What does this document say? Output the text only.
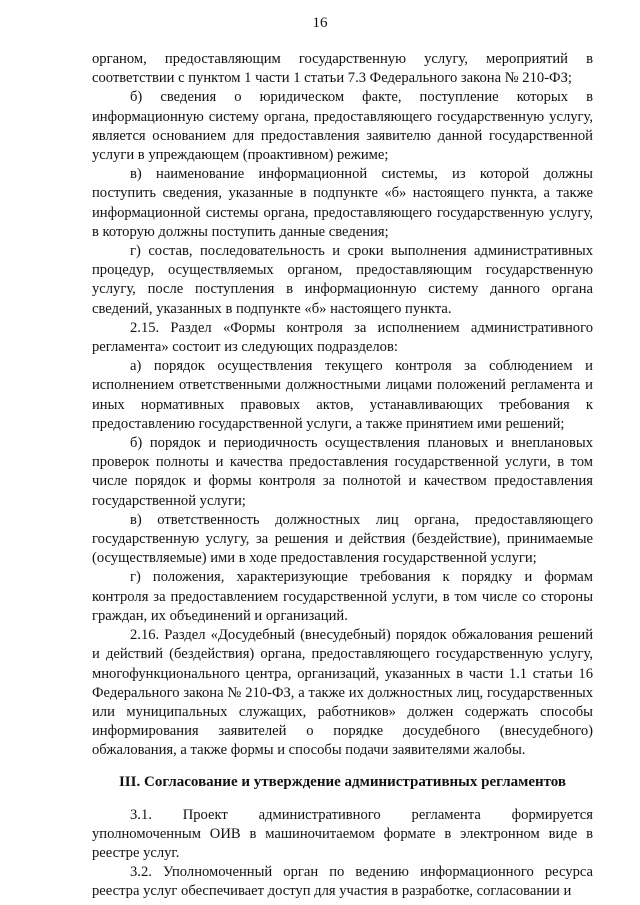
16

органом, предоставляющим государственную услугу, мероприятий в соответствии с пунктом 1 части 1 статьи 7.3 Федерального закона № 210-ФЗ;

б) сведения о юридическом факте, поступление которых в информационную систему органа, предоставляющего государственную услугу, является основанием для предоставления заявителю данной государственной услуги в упреждающем (проактивном) режиме;

в) наименование информационной системы, из которой должны поступить сведения, указанные в подпункте «б» настоящего пункта, а также информационной системы органа, предоставляющего государственную услугу, в которую должны поступить данные сведения;

г) состав, последовательность и сроки выполнения административных процедур, осуществляемых органом, предоставляющим государственную услугу, после поступления в информационную систему данного органа сведений, указанных в подпункте «б» настоящего пункта.

2.15. Раздел «Формы контроля за исполнением административного регламента» состоит из следующих подразделов:

а) порядок осуществления текущего контроля за соблюдением и исполнением ответственными должностными лицами положений регламента и иных нормативных правовых актов, устанавливающих требования к предоставлению государственной услуги, а также принятием ими решений;

б) порядок и периодичность осуществления плановых и внеплановых проверок полноты и качества предоставления государственной услуги, в том числе порядок и формы контроля за полнотой и качеством предоставления государственной услуги;

в) ответственность должностных лиц органа, предоставляющего государственную услугу, за решения и действия (бездействие), принимаемые (осуществляемые) ими в ходе предоставления государственной услуги;

г) положения, характеризующие требования к порядку и формам контроля за предоставлением государственной услуги, в том числе со стороны граждан, их объединений и организаций.

2.16. Раздел «Досудебный (внесудебный) порядок обжалования решений и действий (бездействия) органа, предоставляющего государственную услугу, многофункционального центра, организаций, указанных в части 1.1 статьи 16 Федерального закона № 210-ФЗ, а также их должностных лиц, государственных или муниципальных служащих, работников» должен содержать способы информирования заявителей о порядке досудебного (внесудебного) обжалования, а также формы и способы подачи заявителями жалобы.

III. Согласование и утверждение административных регламентов

3.1. Проект административного регламента формируется уполномоченным ОИВ в машиночитаемом формате в электронном виде в реестре услуг.

3.2. Уполномоченный орган по ведению информационного ресурса реестра услуг обеспечивает доступ для участия в разработке, согласовании и
